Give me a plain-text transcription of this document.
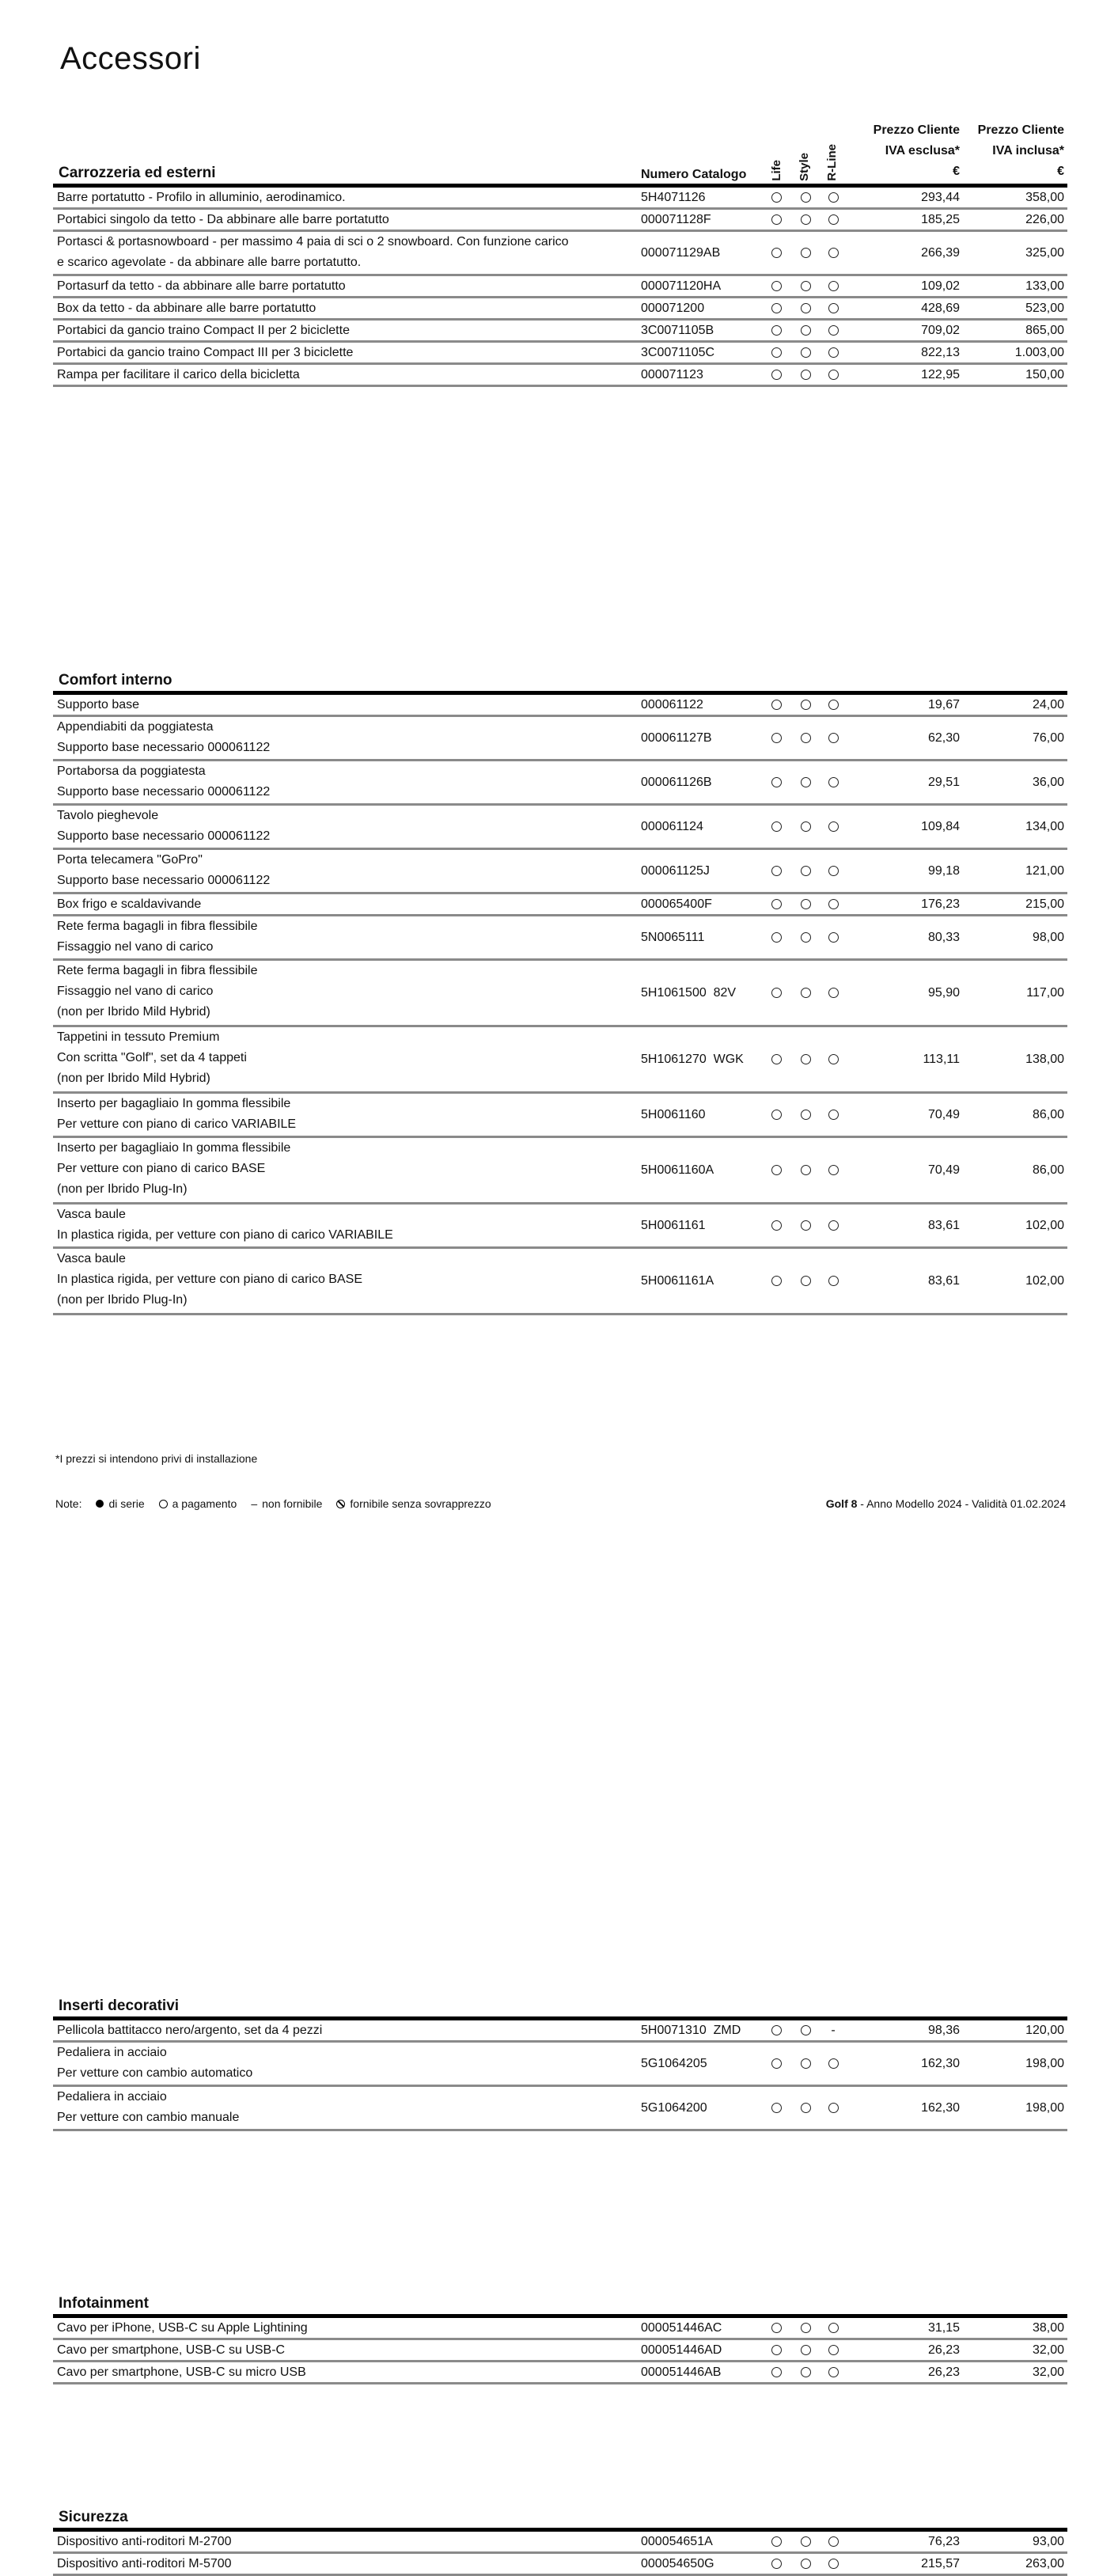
Accessori
Carrozzeria ed esterni	Numero Catalogo Life Style R-Line
Prezzo Cliente
IVA esclusa*
€
Prezzo Cliente
IVA inclusa*
€
Barre portatutto - Profilo in alluminio, aerodinamico.	5H4071126	293,44	358,00
Portabici singolo da tetto - Da abbinare alle barre portatutto	000071128F	185,25	226,00
Portasci & portasnowboard - per massimo 4 paia di sci o 2 snowboard. Con funzione carico
e scarico agevolate - da abbinare alle barre portatutto.
000071129AB	266,39	325,00
Portasurf da tetto - da abbinare alle barre portatutto	000071120HA	109,02	133,00
Box da tetto - da abbinare alle barre portatutto	000071200	428,69	523,00
Portabici da gancio traino Compact II per 2 biciclette	3C0071105B	709,02	865,00
Portabici da gancio traino Compact III per 3 biciclette	3C0071105C	822,13	1.003,00
Rampa per facilitare il carico della bicicletta	000071123	122,95	150,00
Comfort interno
Supporto base	000061122	19,67	24,00
Appendiabiti da poggiatesta
Supporto base necessario 000061122
000061127B	62,30	76,00
Portaborsa da poggiatesta
Supporto base necessario 000061122
000061126B	29,51	36,00
Tavolo pieghevole
Supporto base necessario 000061122
000061124	109,84	134,00
Porta telecamera "GoPro"
Supporto base necessario 000061122
000061125J	99,18	121,00
Box frigo e scaldavivande	000065400F	176,23	215,00
Rete ferma bagagli in fibra flessibile
Fissaggio nel vano di carico
5N0065111	80,33	98,00
Rete ferma bagagli in fibra flessibile
Fissaggio nel vano di carico
(non per Ibrido Mild Hybrid)
5H1061500  82V	95,90	117,00
Tappetini in tessuto Premium
Con scritta "Golf", set da 4 tappeti
(non per Ibrido Mild Hybrid)
5H1061270  WGK	113,11	138,00
Inserto per bagagliaio In gomma flessibile
Per vetture con piano di carico VARIABILE
5H0061160	70,49	86,00
Inserto per bagagliaio In gomma flessibile
Per vetture con piano di carico BASE
(non per Ibrido Plug-In)
5H0061160A	70,49	86,00
Vasca baule
In plastica rigida, per vetture con piano di carico VARIABILE
5H0061161	83,61	102,00
Vasca baule
In plastica rigida, per vetture con piano di carico BASE
(non per Ibrido Plug-In)
5H0061161A	83,61	102,00
Inserti decorativi
Pellicola battitacco nero/argento, set da 4 pezzi	5H0071310  ZMD	-	98,36	120,00
Pedaliera in acciaio
Per vetture con cambio automatico
5G1064205	162,30	198,00
Pedaliera in acciaio
Per vetture con cambio manuale
5G1064200	162,30	198,00
Infotainment
Cavo per iPhone, USB-C su Apple Lightining	000051446AC	31,15	38,00
Cavo per smartphone, USB-C su USB-C	000051446AD	26,23	32,00
Cavo per smartphone, USB-C su micro USB	000051446AB	26,23	32,00
Sicurezza
Dispositivo anti-roditori M-2700	000054651A	76,23	93,00
Dispositivo anti-roditori M-5700	000054650G	215,57	263,00
*I prezzi si intendono privi di installazione
Note: di serie	a pagamento – non fornibile	fornibile senza sovrapprezzo	Golf 8 - Anno Modello 2024 - Validità 01.02.2024
